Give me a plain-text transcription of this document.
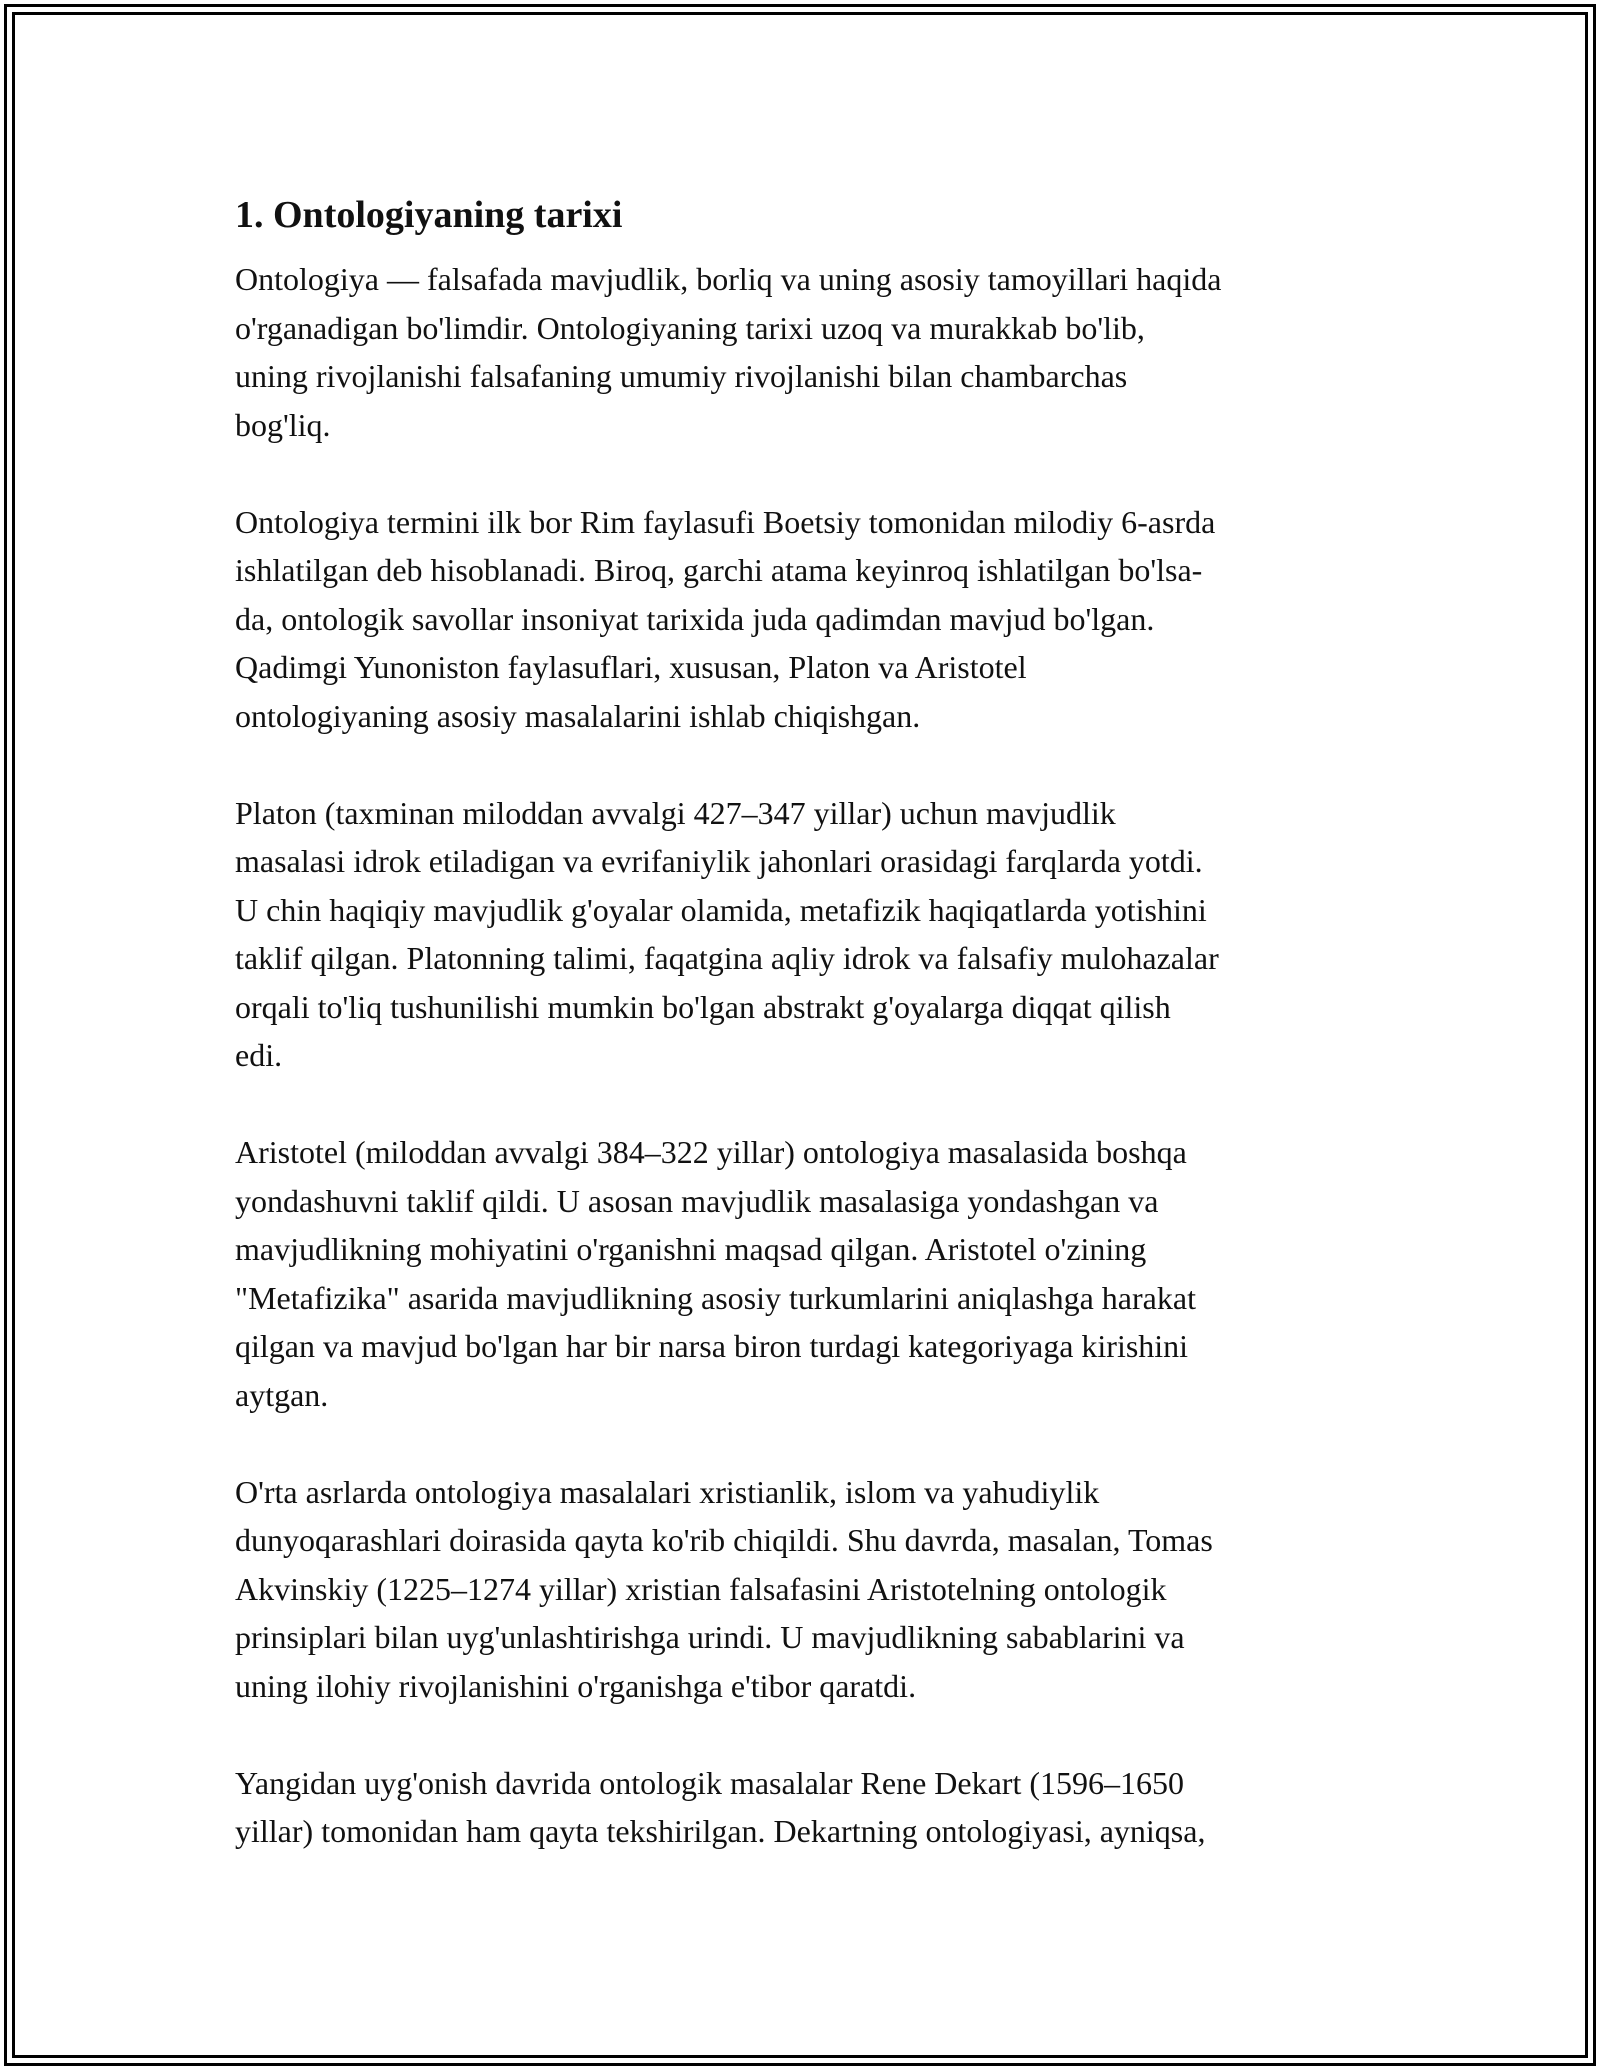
1. Ontologiyaning tarixi

Ontologiya — falsafada mavjudlik, borliq va uning asosiy tamoyillari haqida
o'rganadigan bo'limdir. Ontologiyaning tarixi uzoq va murakkab bo'lib,
uning rivojlanishi falsafaning umumiy rivojlanishi bilan chambarchas
bog'liq.

Ontologiya termini ilk bor Rim faylasufi Boetsiy tomonidan milodiy 6-asrda
ishlatilgan deb hisoblanadi. Biroq, garchi atama keyinroq ishlatilgan bo'lsa-
da, ontologik savollar insoniyat tarixida juda qadimdan mavjud bo'lgan.
Qadimgi Yunoniston faylasuflari, xususan, Platon va Aristotel
ontologiyaning asosiy masalalarini ishlab chiqishgan.

Platon (taxminan miloddan avvalgi 427–347 yillar) uchun mavjudlik
masalasi idrok etiladigan va evrifaniylik jahonlari orasidagi farqlarda yotdi.
U chin haqiqiy mavjudlik g'oyalar olamida, metafizik haqiqatlarda yotishini
taklif qilgan. Platonning talimi, faqatgina aqliy idrok va falsafiy mulohazalar
orqali to'liq tushunilishi mumkin bo'lgan abstrakt g'oyalarga diqqat qilish
edi.

Aristotel (miloddan avvalgi 384–322 yillar) ontologiya masalasida boshqa
yondashuvni taklif qildi. U asosan mavjudlik masalasiga yondashgan va
mavjudlikning mohiyatini o'rganishni maqsad qilgan. Aristotel o'zining
"Metafizika" asarida mavjudlikning asosiy turkumlarini aniqlashga harakat
qilgan va mavjud bo'lgan har bir narsa biron turdagi kategoriyaga kirishini
aytgan.

O'rta asrlarda ontologiya masalalari xristianlik, islom va yahudiylik
dunyoqarashlari doirasida qayta ko'rib chiqildi. Shu davrda, masalan, Tomas
Akvinskiy (1225–1274 yillar) xristian falsafasini Aristotelning ontologik
prinsiplari bilan uyg'unlashtirishga urindi. U mavjudlikning sabablarini va
uning ilohiy rivojlanishini o'rganishga e'tibor qaratdi.

Yangidan uyg'onish davrida ontologik masalalar Rene Dekart (1596–1650
yillar) tomonidan ham qayta tekshirilgan. Dekartning ontologiyasi, ayniqsa,
